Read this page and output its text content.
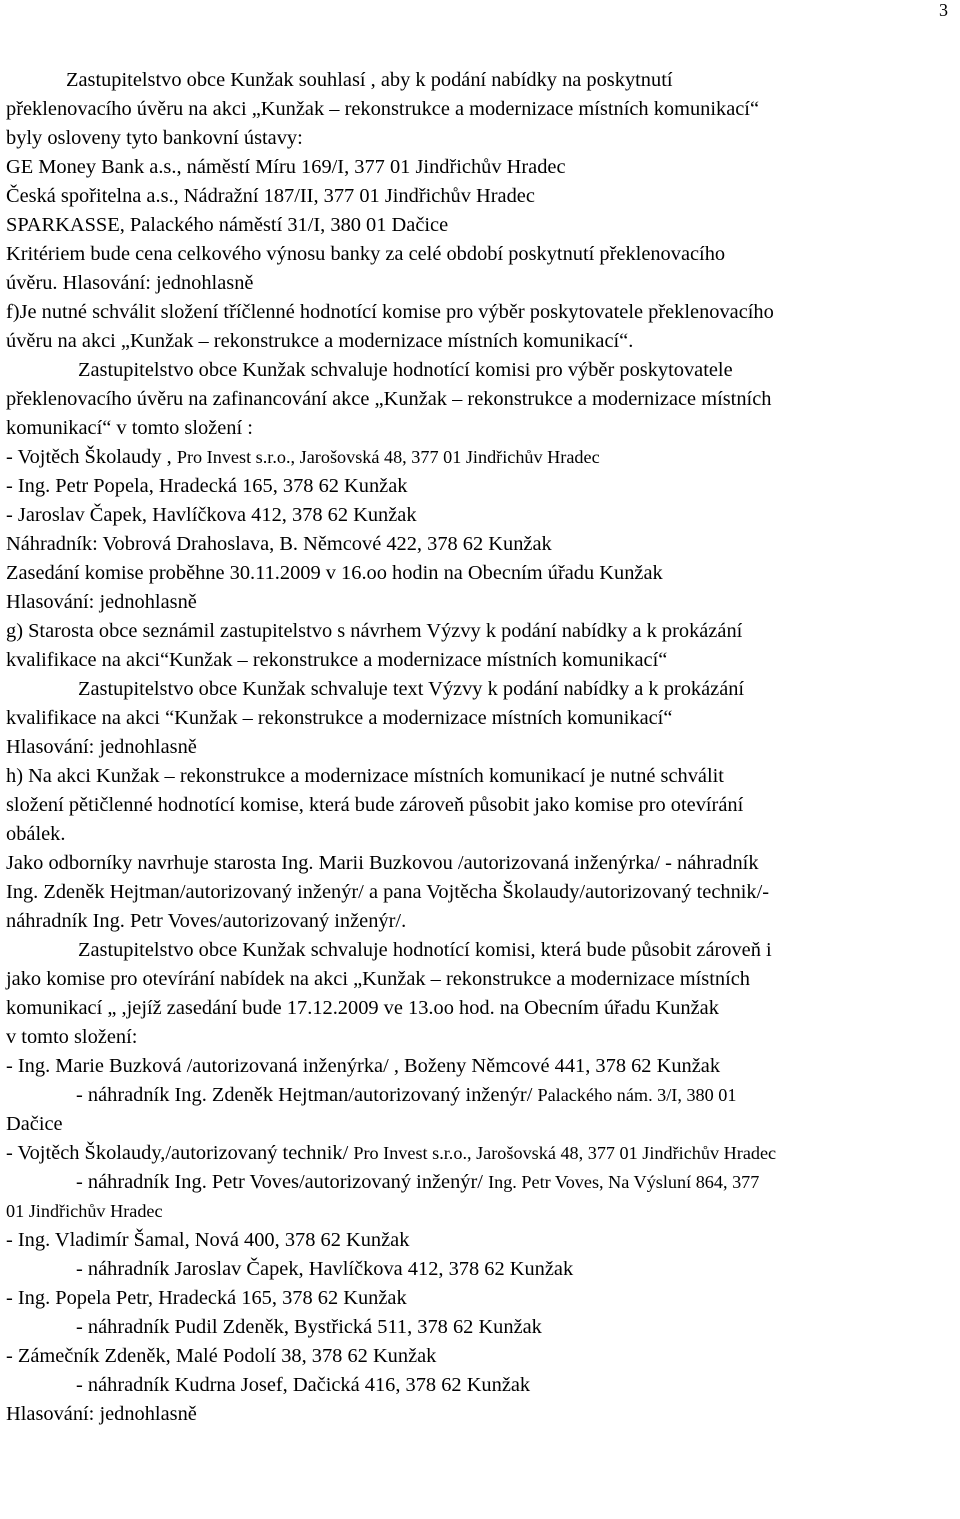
3
Zastupitelstvo obce Kunžak souhlasí , aby k podání nabídky na poskytnutí
překlenovacího úvěru na akci „Kunžak – rekonstrukce a modernizace místních komunikací“
byly osloveny tyto bankovní ústavy:
GE Money Bank a.s., náměstí Míru 169/I, 377 01 Jindřichův Hradec
Česká spořitelna a.s., Nádražní 187/II, 377 01 Jindřichův Hradec
SPARKASSE, Palackého náměstí 31/I, 380 01 Dačice
Kritériem bude cena celkového výnosu banky za celé období poskytnutí překlenovacího
úvěru. Hlasování: jednohlasně
f)Je nutné schválit složení tříčlenné hodnotící komise pro výběr poskytovatele překlenovacího
úvěru na akci „Kunžak – rekonstrukce a modernizace místních komunikací“.
Zastupitelstvo obce Kunžak schvaluje hodnotící komisi pro výběr poskytovatele
překlenovacího úvěru na zafinancování akce „Kunžak – rekonstrukce a modernizace místních
komunikací“ v tomto složení :
- Vojtěch Školaudy , Pro Invest s.r.o., Jarošovská 48, 377 01 Jindřichův Hradec
- Ing. Petr Popela, Hradecká 165, 378 62 Kunžak
- Jaroslav Čapek, Havlíčkova 412, 378 62 Kunžak
Náhradník: Vobrová Drahoslava, B. Němcové 422, 378 62 Kunžak
Zasedání komise proběhne 30.11.2009 v 16.oo hodin na Obecním úřadu Kunžak
Hlasování: jednohlasně
g) Starosta obce seznámil zastupitelstvo s návrhem Výzvy k podání nabídky a k prokázání
kvalifikace na akci“Kunžak – rekonstrukce a modernizace místních komunikací“
Zastupitelstvo obce Kunžak schvaluje text Výzvy k podání nabídky a k prokázání
kvalifikace na akci “Kunžak – rekonstrukce a modernizace místních komunikací“
Hlasování: jednohlasně
h) Na akci Kunžak – rekonstrukce a modernizace místních komunikací je nutné schválit
složení pětičlenné hodnotící komise, která bude zároveň působit jako komise pro otevírání
obálek.
Jako odborníky navrhuje starosta Ing. Marii Buzkovou /autorizovaná inženýrka/ - náhradník
Ing. Zdeněk Hejtman/autorizovaný inženýr/ a pana Vojtěcha Školaudy/autorizovaný technik/-
náhradník Ing. Petr Voves/autorizovaný inženýr/.
Zastupitelstvo obce Kunžak schvaluje hodnotící komisi, která bude působit zároveň i
jako komise pro otevírání nabídek na akci „Kunžak – rekonstrukce a modernizace místních
komunikací „ ,jejíž zasedání bude 17.12.2009 ve 13.oo hod. na Obecním úřadu Kunžak
v tomto složení:
- Ing. Marie Buzková /autorizovaná inženýrka/ , Boženy Němcové 441, 378 62 Kunžak
- náhradník Ing. Zdeněk Hejtman/autorizovaný inženýr/ Palackého nám. 3/I, 380 01
Dačice
- Vojtěch Školaudy,/autorizovaný technik/ Pro Invest s.r.o., Jarošovská 48, 377 01 Jindřichův Hradec
- náhradník Ing. Petr Voves/autorizovaný inženýr/ Ing. Petr Voves, Na Výsluní 864, 377
01 Jindřichův Hradec
- Ing. Vladimír Šamal, Nová 400, 378 62 Kunžak
- náhradník Jaroslav Čapek, Havlíčkova 412, 378 62 Kunžak
- Ing. Popela Petr, Hradecká 165, 378 62 Kunžak
- náhradník Pudil Zdeněk, Bystřická 511, 378 62 Kunžak
- Zámečník Zdeněk, Malé Podolí 38, 378 62 Kunžak
- náhradník Kudrna Josef, Dačická 416, 378 62 Kunžak
Hlasování: jednohlasně
